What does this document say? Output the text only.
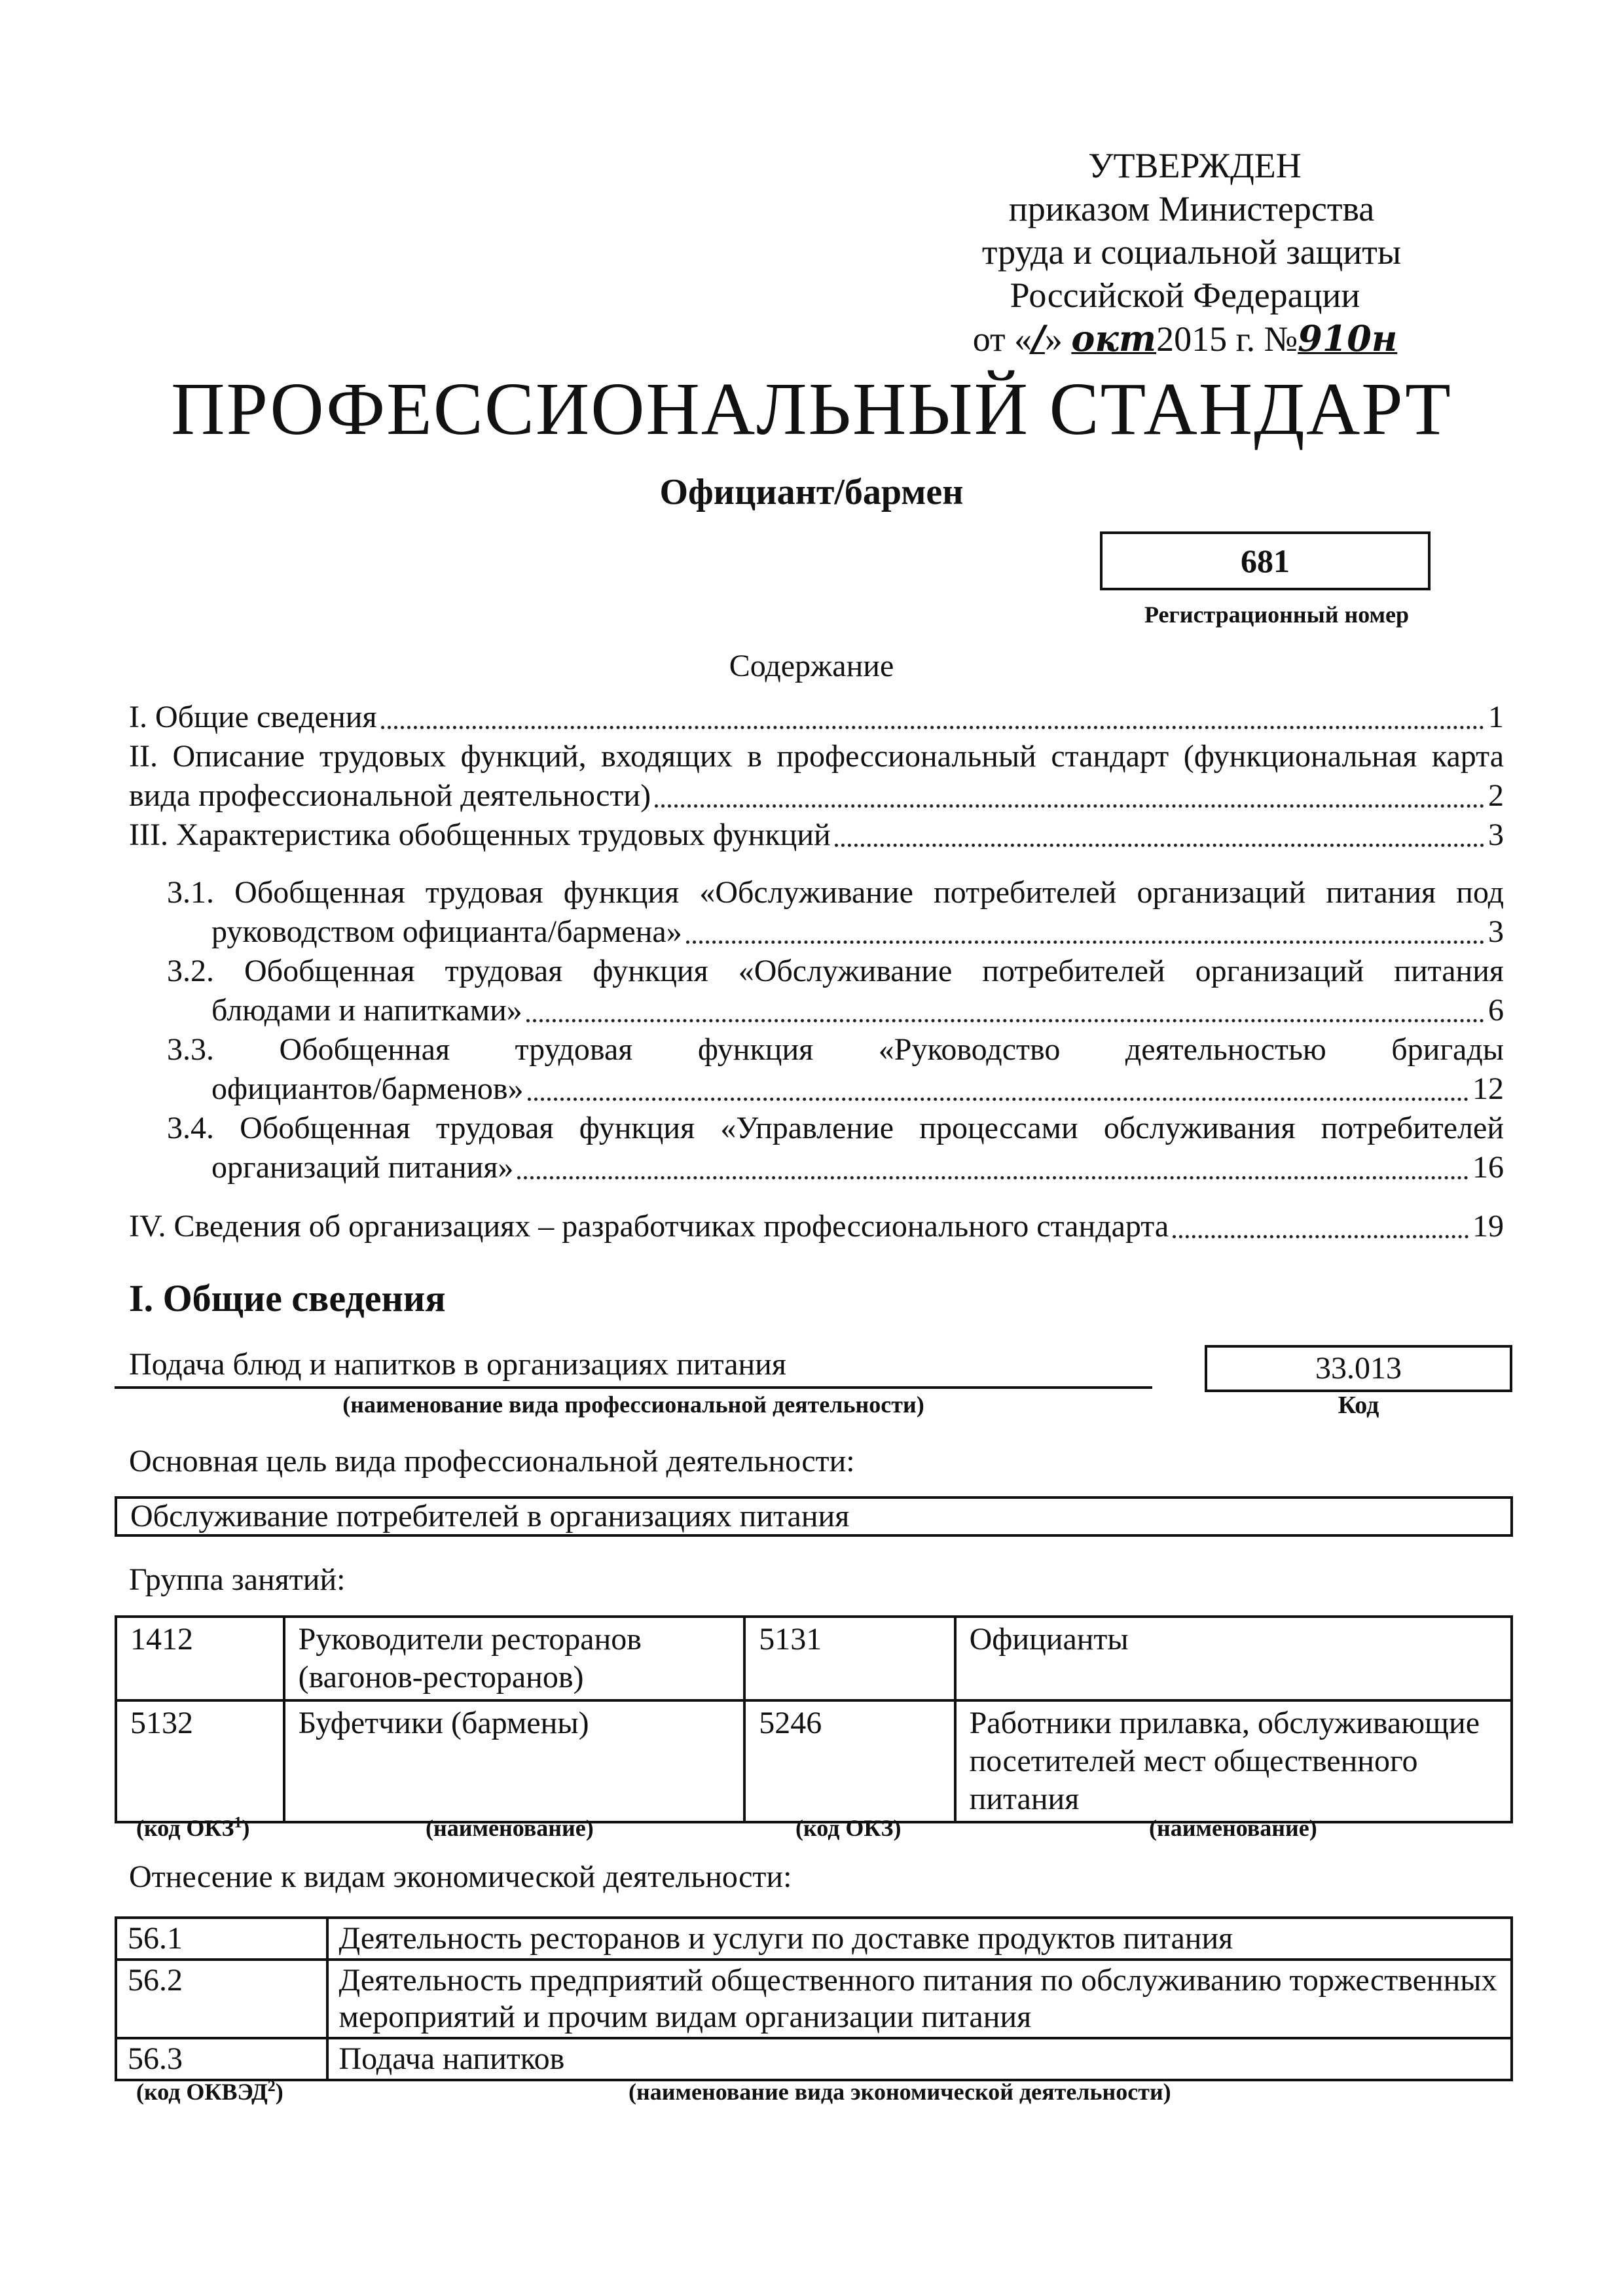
УТВЕРЖДЕН
приказом Министерства
труда и социальной защиты
Российской Федерации
от «/» окт2015 г. №910н
ПРОФЕССИОНАЛЬНЫЙ СТАНДАРТ
Официант/бармен
681
Регистрационный номер
Содержание
I. Общие сведения	1
II. Описание трудовых функций, входящих в профессиональный стандарт (функциональная карта
вида профессиональной деятельности)	2
III. Характеристика обобщенных трудовых функций	3
3.1. Обобщенная трудовая функция «Обслуживание потребителей организаций питания под
руководством официанта/бармена»	3
3.2. Обобщенная трудовая функция «Обслуживание потребителей организаций питания
блюдами и напитками»	6
3.3. Обобщенная трудовая функция «Руководство деятельностью бригады
официантов/барменов»	12
3.4. Обобщенная трудовая функция «Управление процессами обслуживания потребителей
организаций питания»	16
IV. Сведения об организациях – разработчиках профессионального стандарта	19
I. Общие сведения
Подача блюд и напитков в организациях питания
(наименование вида профессиональной деятельности)
33.013
Код
Основная цель вида профессиональной деятельности:
Обслуживание потребителей в организациях питания
Группа занятий:
1412	Руководители ресторанов (вагонов-ресторанов)	5131	Официанты
5132	Буфетчики (бармены)	5246	Работники прилавка, обслуживающие посетителей мест общественного питания
(код ОКЗ$^1$)	(наименование)	(код ОКЗ)	(наименование)
Отнесение к видам экономической деятельности:
56.1	Деятельность ресторанов и услуги по доставке продуктов питания
56.2	Деятельность предприятий общественного питания по обслуживанию торжественных мероприятий и прочим видам организации питания
56.3	Подача напитков
(код ОКВЭД$^2$)	(наименование вида экономической деятельности)
